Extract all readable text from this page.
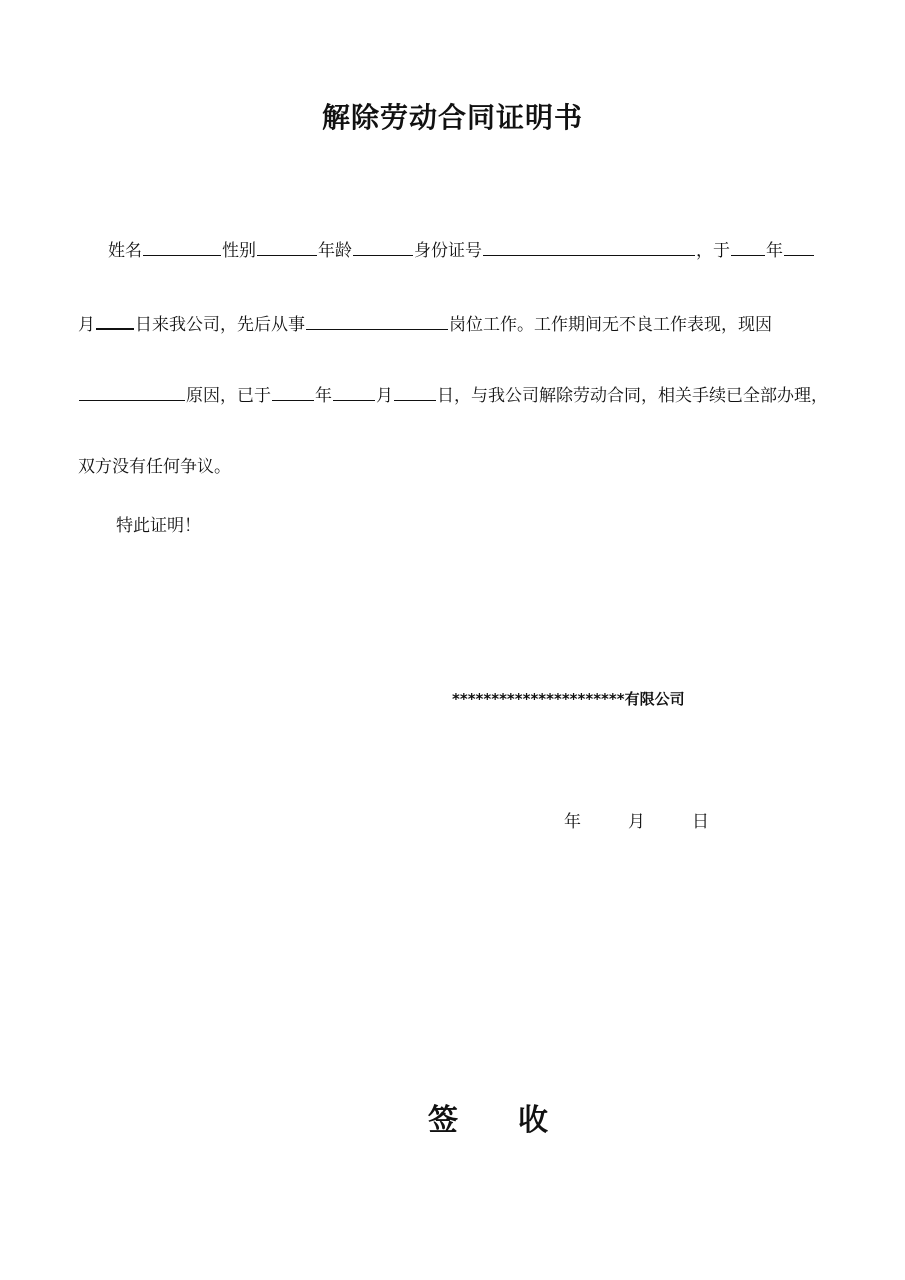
解除劳动合同证明书
姓名	性别	年龄	身份证号	，于 年
月 日来我公司，先后从事	岗位工作。工作期间无不良工作表现，现因
原因，已于	年	月	日，与我公司解除劳动合同，相关手续已全部办理，
双方没有任何争议。
特此证明！
**********************有限公司
年	月	日
签 收
